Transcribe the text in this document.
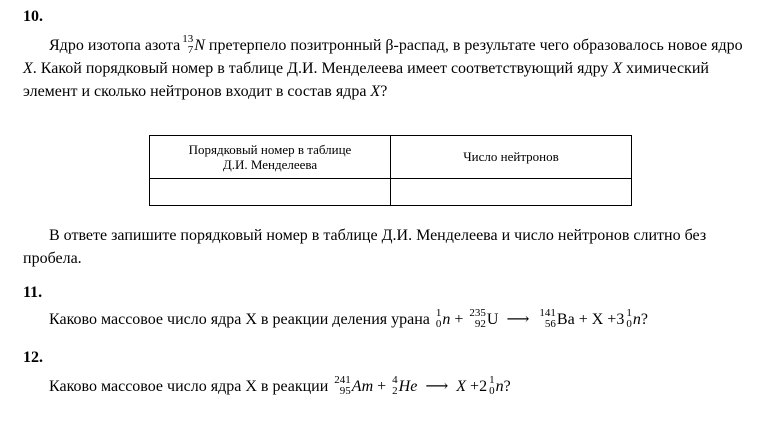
10.
Ядро изотопа азота 13
7 N претерпело позитронный β-распад, в результате чего образовалось новое ядро X. Какой порядковый номер в таблице Д.И. Менделеева имеет соответствующий ядру X химический элемент и сколько нейтронов входит в состав ядра X?
Порядковый номер в таблице
Д.И. Менделеева	Число нейтронов

В ответе запишите порядковый номер в таблице Д.И. Менделеева и число нейтронов слитно без пробела.
11.
Каково массовое число ядра X в реакции деления урана 1
0 n + 235
92 U ⟶ 141
56 Ba + X +3 1
0 n?
12.
Каково массовое число ядра X в реакции 241
95 Am + 4
2 He ⟶ X +2 1
0 n?
